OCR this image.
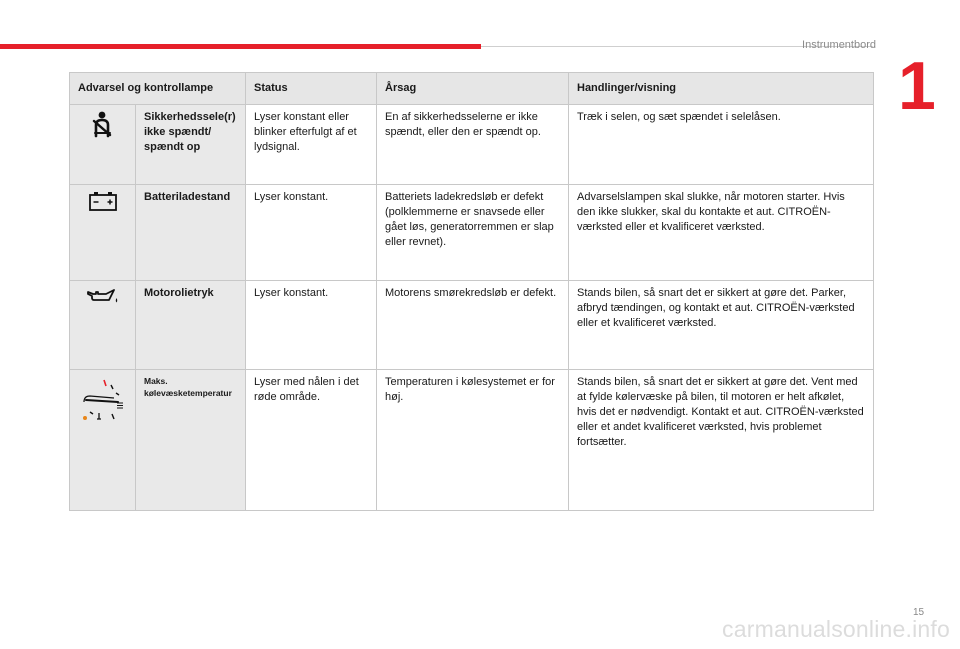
Instrumentbord
1
Advarsel og kontrollampe		Status	Årsag	Handlinger/visning
	Sikkerhedssele(r) ikke spændt/ spændt op	Lyser konstant eller blinker efterfulgt af et lydsignal.	En af sikkerhedsselerne er ikke spændt, eller den er spændt op.	Træk i selen, og sæt spændet i selelåsen.
	Batteriladestand	Lyser konstant.	Batteriets ladekredsløb er defekt (polklemmerne er snavsede eller gået løs, generatorremmen er slap eller revnet).	Advarselslampen skal slukke, når motoren starter. Hvis den ikke slukker, skal du kontakte et aut. CITROËN-værksted eller et kvalificeret værksted.
	Motorolietryk	Lyser konstant.	Motorens smørekredsløb er defekt.	Stands bilen, så snart det er sikkert at gøre det. Parker, afbryd tændingen, og kontakt et aut. CITROËN-værksted eller et kvalificeret værksted.
	Maks. kølevæsketemperatur	Lyser med nålen i det røde område.	Temperaturen i kølesystemet er for høj.	Stands bilen, så snart det er sikkert at gøre det. Vent med at fylde kølervæske på bilen, til motoren er helt afkølet, hvis det er nødvendigt. Kontakt et aut. CITROËN-værksted eller et andet kvalificeret værksted, hvis problemet fortsætter.
15
carmanualsonline.info
